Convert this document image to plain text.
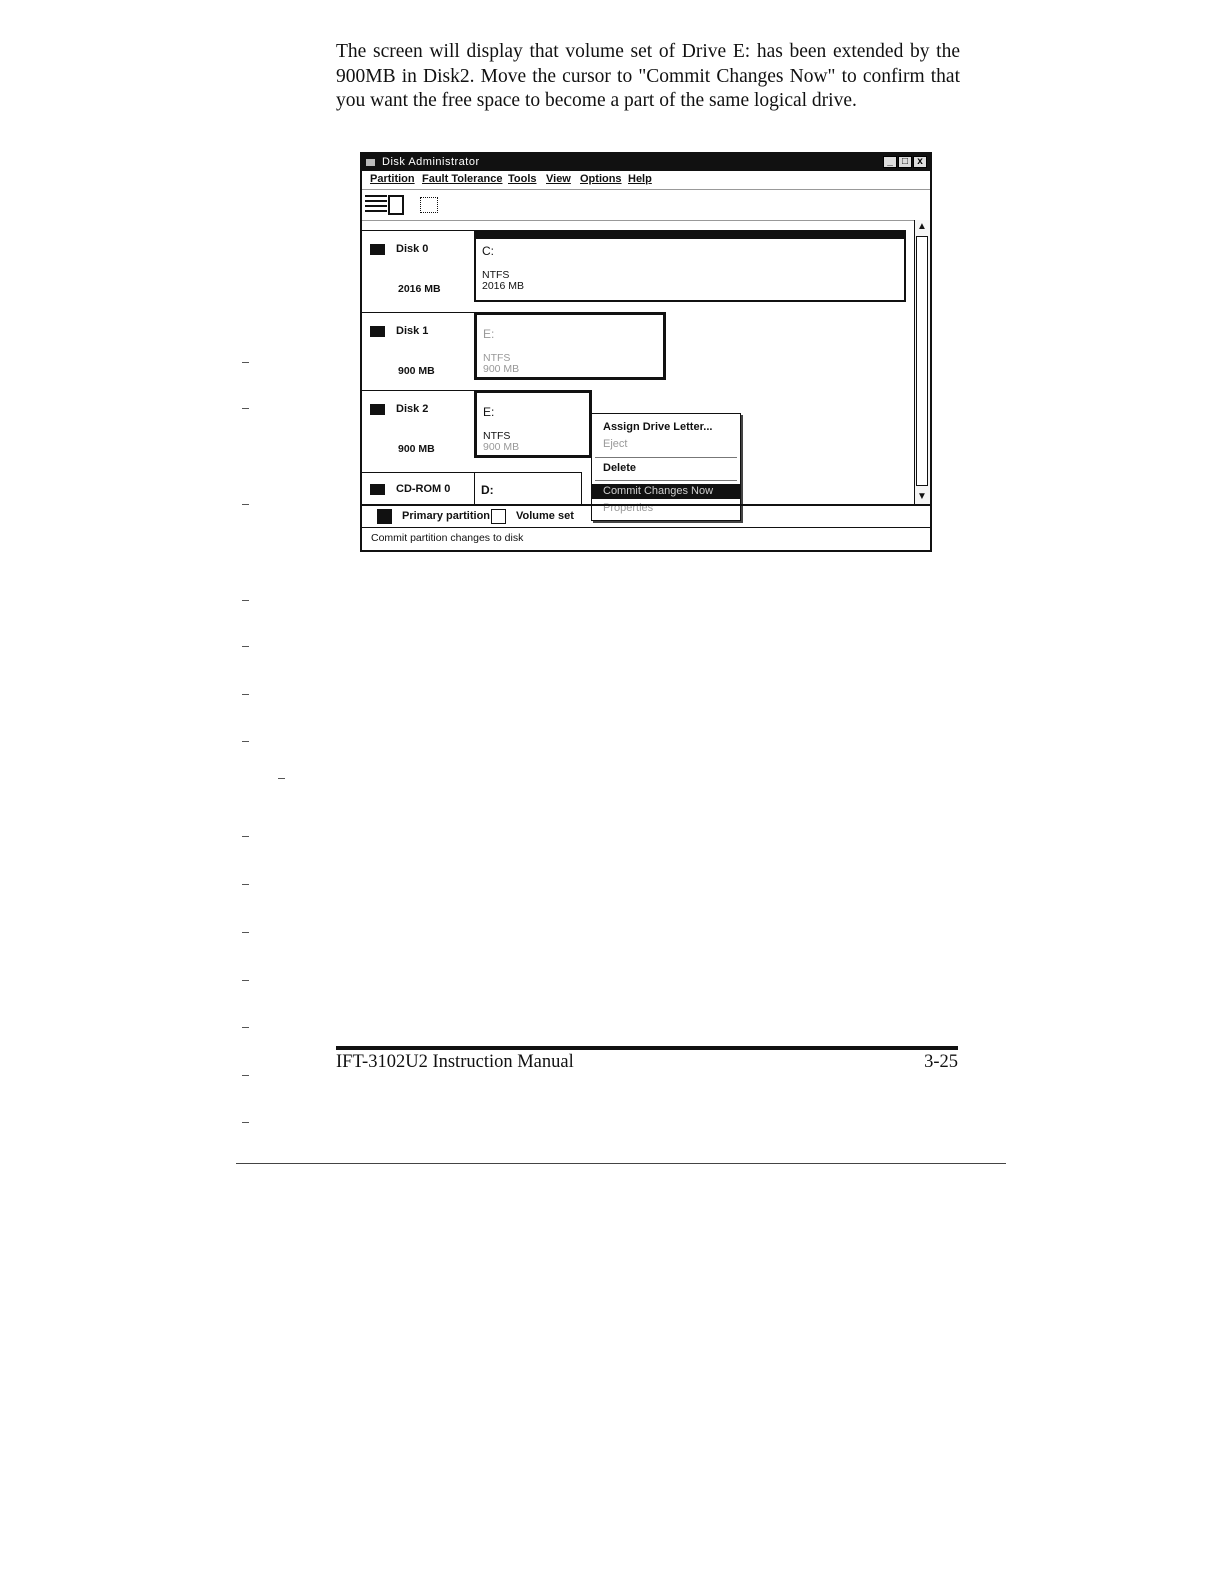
The screen will display that volume set of Drive E: has been extended by the 900MB in Disk2. Move the cursor to "Commit Changes Now" to confirm that you want the free space to become a part of the same logical drive.

Disk Administrator	_ □ x
Partition Fault Tolerance Tools View Options Help
Disk 0
2016 MB
C:
NTFS
2016 MB
Disk 1
900 MB
E:
NTFS
900 MB
Disk 2
900 MB
E:
NTFS
900 MB
CD-ROM 0	D:
Assign Drive Letter...
Eject
Delete
Commit Changes Now
Properties
▲
▼
Primary partition Volume set
Commit partition changes to disk
IFT-3102U2 Instruction Manual	3-25
